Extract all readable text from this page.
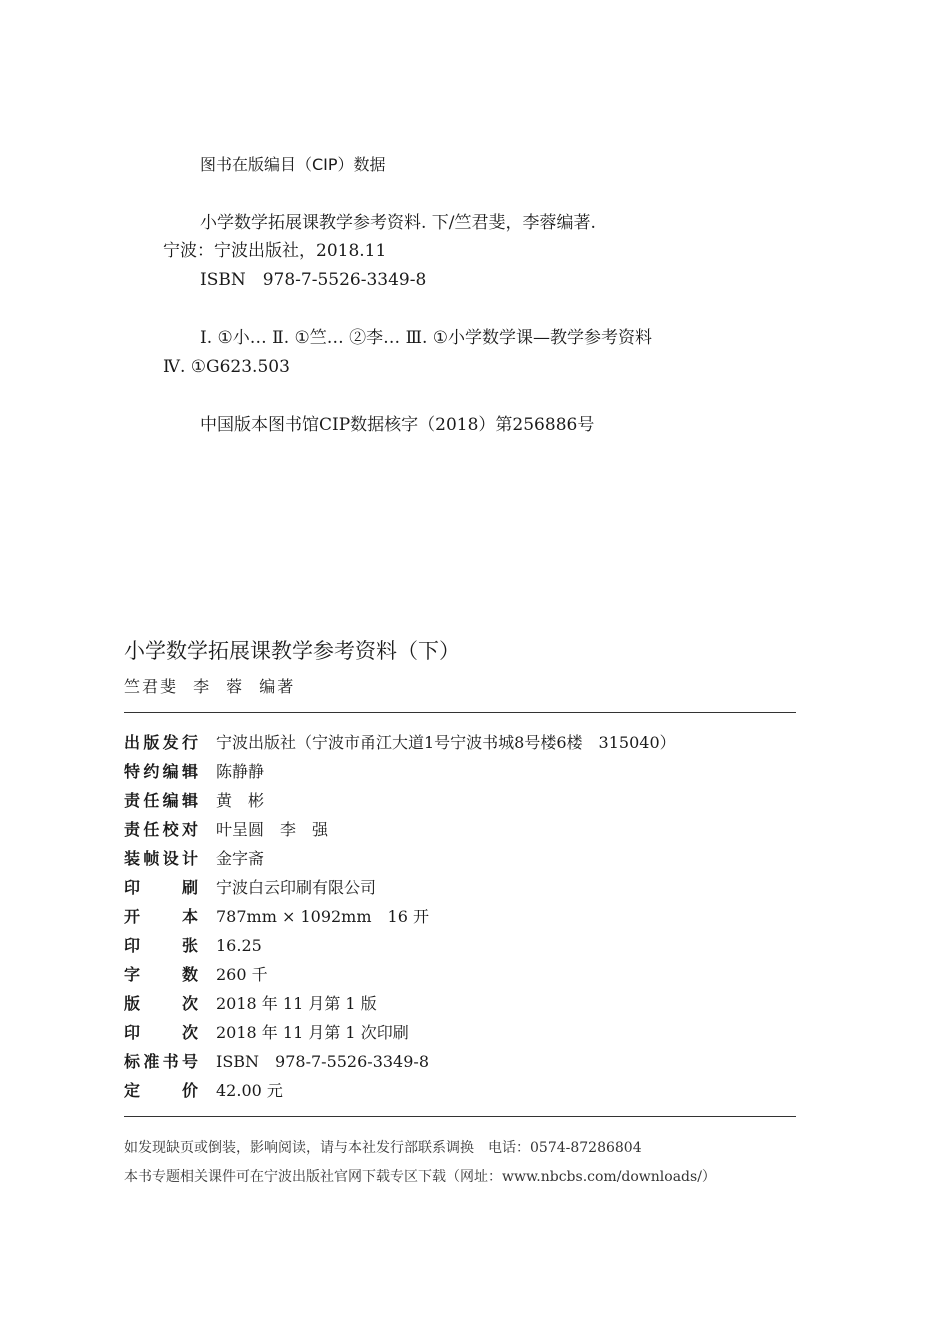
图书在版编目（CIP）数据
小学数学拓展课教学参考资料. 下/竺君斐，李蓉编著.
宁波：宁波出版社，2018.11
ISBN　978-7-5526-3349-8
Ⅰ. ①小… Ⅱ. ①竺… ②李… Ⅲ. ①小学数学课—教学参考资料
Ⅳ. ①G623.503
中国版本图书馆CIP数据核字（2018）第256886号
小学数学拓展课教学参考资料（下）
竺君斐 李 蓉 编著
出版发行 宁波出版社（宁波市甬江大道1号宁波书城8号楼6楼　315040）
特约编辑 陈静静
责任编辑 黄　彬
责任校对 叶呈圆　李　强
装帧设计 金字斋
印刷 宁波白云印刷有限公司
开本 787mm × 1092mm　16 开
印张 16.25
字数 260 千
版次 2018 年 11 月第 1 版
印次 2018 年 11 月第 1 次印刷
标准书号 ISBN　978-7-5526-3349-8
定价 42.00 元
如发现缺页或倒装，影响阅读，请与本社发行部联系调换　电话：0574-87286804
本书专题相关课件可在宁波出版社官网下载专区下载（网址：www.nbcbs.com/downloads/）
